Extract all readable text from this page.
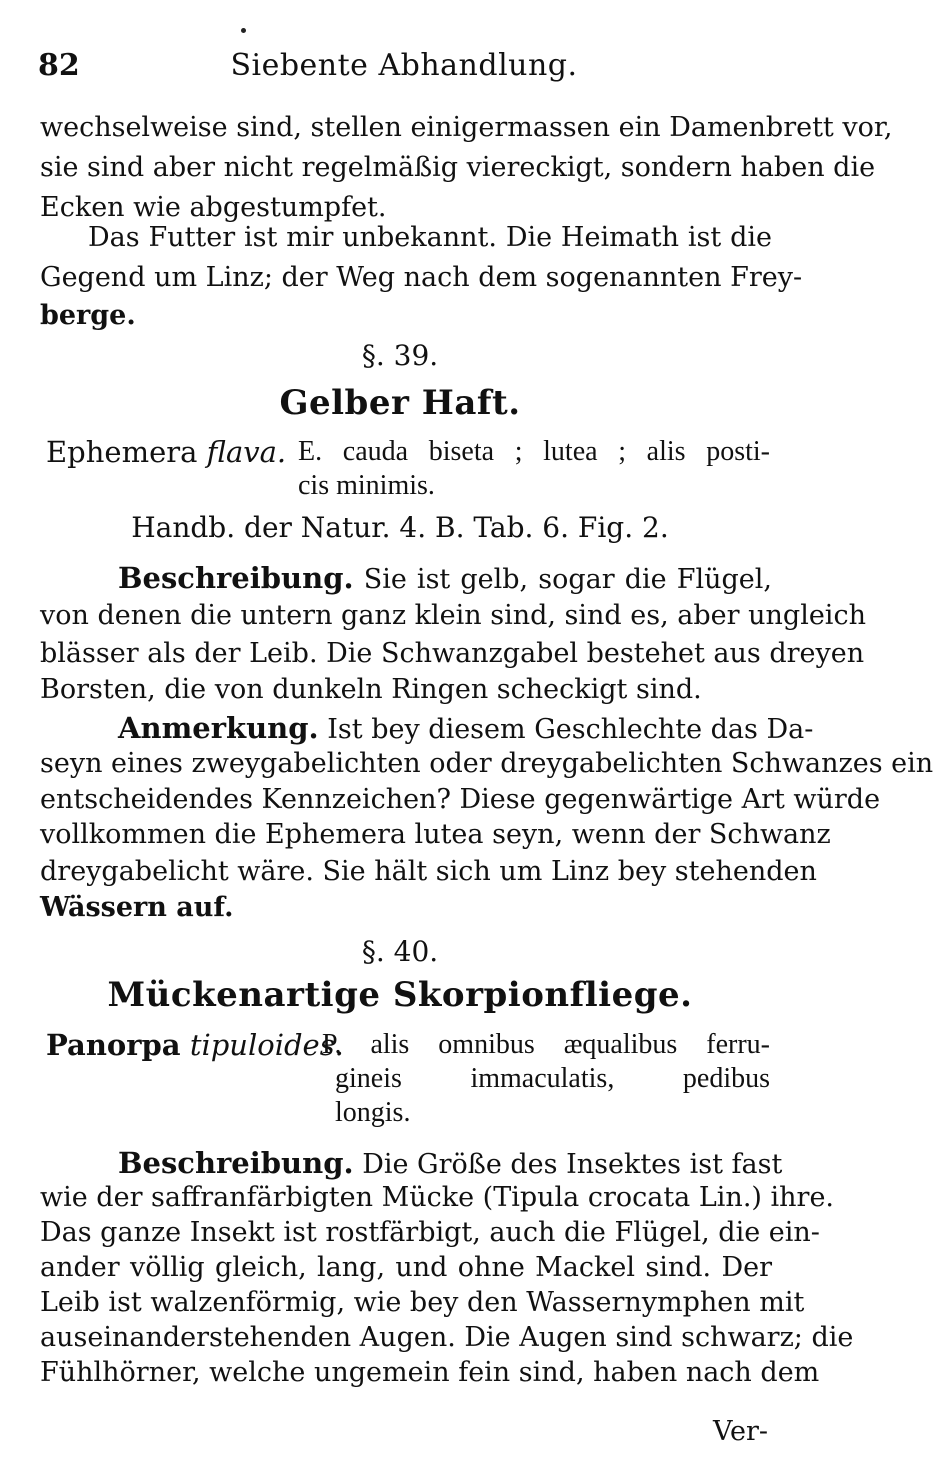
82	Siebente Abhandlung.
wechselweise sind, stellen einigermassen ein Damenbrett vor,
sie sind aber nicht regelmäßig viereckigt, sondern haben die
Ecken wie abgestumpfet.
Das Futter ist mir unbekannt. Die Heimath ist die
Gegend um Linz; der Weg nach dem sogenannten Frey-
berge.
§. 39.
Gelber Haft.
Ephemera flava. E. cauda biseta ; lutea ; alis posti-
cis minimis.
Handb. der Natur. 4. B. Tab. 6. Fig. 2.
Beschreibung. Sie ist gelb, sogar die Flügel,
von denen die untern ganz klein sind, sind es, aber ungleich
blässer als der Leib. Die Schwanzgabel bestehet aus dreyen
Borsten, die von dunkeln Ringen scheckigt sind.
Anmerkung. Ist bey diesem Geschlechte das Da-
seyn eines zweygabelichten oder dreygabelichten Schwanzes ein
entscheidendes Kennzeichen? Diese gegenwärtige Art würde
vollkommen die Ephemera lutea seyn, wenn der Schwanz
dreygabelicht wäre. Sie hält sich um Linz bey stehenden
Wässern auf.
§. 40.
Mückenartige Skorpionfliege.
Panorpa tipuloides.
P. alis omnibus æqualibus ferru-
gineis immaculatis, pedibus
longis.
Beschreibung. Die Größe des Insektes ist fast
wie der saffranfärbigten Mücke (Tipula crocata Lin.) ihre.
Das ganze Insekt ist rostfärbigt, auch die Flügel, die ein-
ander völlig gleich, lang, und ohne Mackel sind. Der
Leib ist walzenförmig, wie bey den Wassernymphen mit
auseinanderstehenden Augen. Die Augen sind schwarz; die
Fühlhörner, welche ungemein fein sind, haben nach dem
Ver-
